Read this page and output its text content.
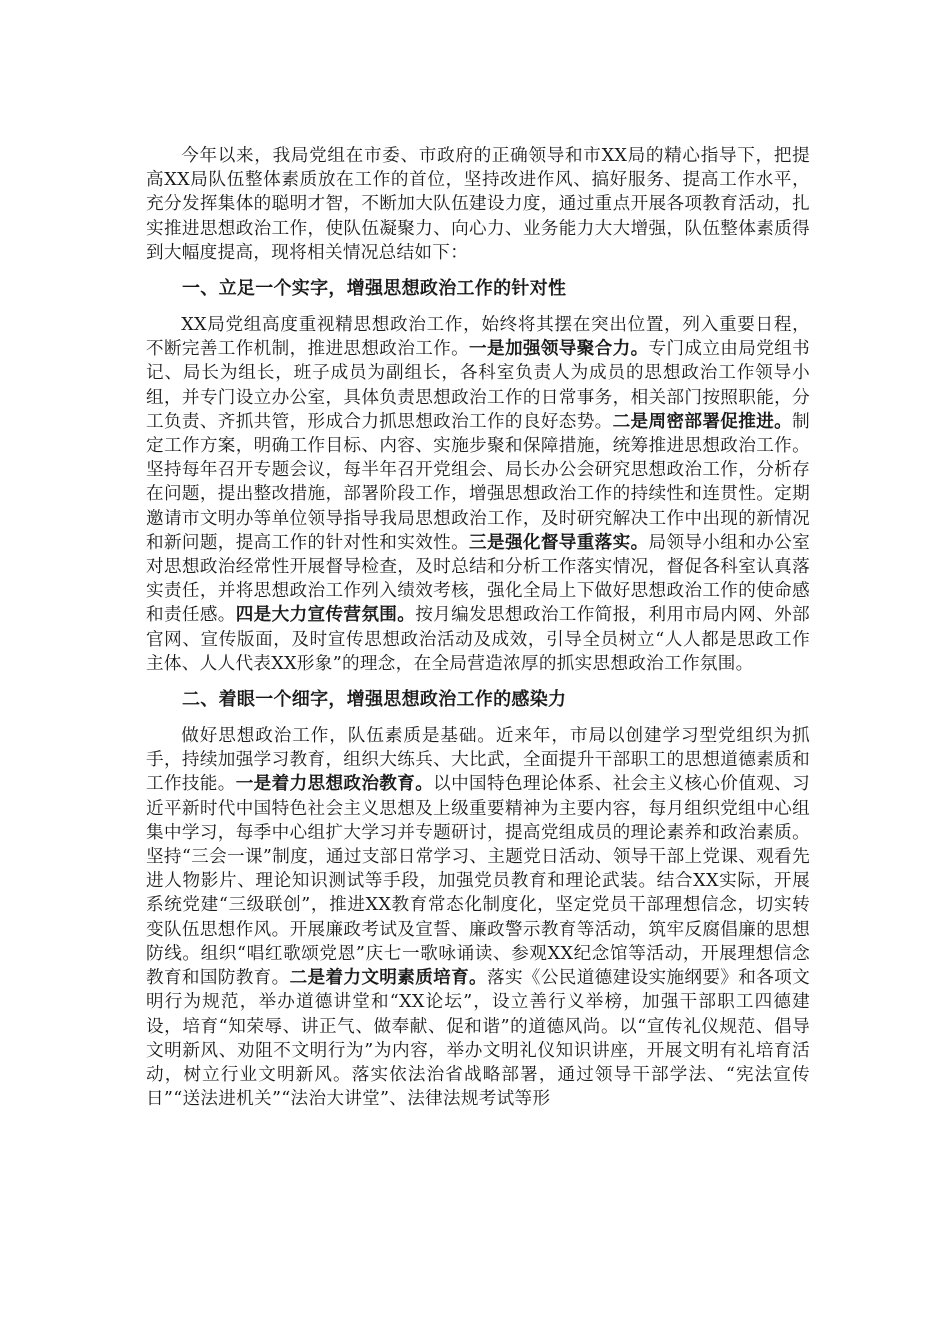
今年以来，我局党组在市委、市政府的正确领导和市XX局的精心指导下，把提高XX局队伍整体素质放在工作的首位，坚持改进作风、搞好服务、提高工作水平，充分发挥集体的聪明才智，不断加大队伍建设力度，通过重点开展各项教育活动，扎实推进思想政治工作，使队伍凝聚力、向心力、业务能力大大增强，队伍整体素质得到大幅度提高，现将相关情况总结如下：

一、立足一个实字，增强思想政治工作的针对性

XX局党组高度重视精思想政治工作，始终将其摆在突出位置，列入重要日程，不断完善工作机制，推进思想政治工作。一是加强领导聚合力。专门成立由局党组书记、局长为组长，班子成员为副组长，各科室负责人为成员的思想政治工作领导小组，并专门设立办公室，具体负责思想政治工作的日常事务，相关部门按照职能，分工负责、齐抓共管，形成合力抓思想政治工作的良好态势。二是周密部署促推进。制定工作方案，明确工作目标、内容、实施步聚和保障措施，统筹推进思想政治工作。坚持每年召开专题会议，每半年召开党组会、局长办公会研究思想政治工作，分析存在问题，提出整改措施，部署阶段工作，增强思想政治工作的持续性和连贯性。定期邀请市文明办等单位领导指导我局思想政治工作，及时研究解决工作中出现的新情况和新问题，提高工作的针对性和实效性。三是强化督导重落实。局领导小组和办公室对思想政治经常性开展督导检查，及时总结和分析工作落实情况，督促各科室认真落实责任，并将思想政治工作列入绩效考核，强化全局上下做好思想政治工作的使命感和责任感。四是大力宣传营氛围。按月编发思想政治工作简报，利用市局内网、外部官网、宣传版面，及时宣传思想政治活动及成效，引导全员树立“人人都是思政工作主体、人人代表XX形象”的理念，在全局营造浓厚的抓实思想政治工作氛围。

二、着眼一个细字，增强思想政治工作的感染力

做好思想政治工作，队伍素质是基础。近来年，市局以创建学习型党组织为抓手，持续加强学习教育，组织大练兵、大比武，全面提升干部职工的思想道德素质和工作技能。一是着力思想政治教育。以中国特色理论体系、社会主义核心价值观、习近平新时代中国特色社会主义思想及上级重要精神为主要内容，每月组织党组中心组集中学习，每季中心组扩大学习并专题研讨，提高党组成员的理论素养和政治素质。坚持“三会一课”制度，通过支部日常学习、主题党日活动、领导干部上党课、观看先进人物影片、理论知识测试等手段，加强党员教育和理论武装。结合XX实际，开展系统党建“三级联创”，推进XX教育常态化制度化，坚定党员干部理想信念，切实转变队伍思想作风。开展廉政考试及宣誓、廉政警示教育等活动，筑牢反腐倡廉的思想防线。组织“唱红歌颂党恩”庆七一歌咏诵读、参观XX纪念馆等活动，开展理想信念教育和国防教育。二是着力文明素质培育。落实《公民道德建设实施纲要》和各项文明行为规范，举办道德讲堂和“XX论坛”，设立善行义举榜，加强干部职工四德建设，培育“知荣辱、讲正气、做奉献、促和谐”的道德风尚。以“宣传礼仪规范、倡导文明新风、劝阻不文明行为”为内容，举办文明礼仪知识讲座，开展文明有礼培育活动，树立行业文明新风。落实依法治省战略部署，通过领导干部学法、“宪法宣传日”“送法进机关”“法治大讲堂”、法律法规考试等形
